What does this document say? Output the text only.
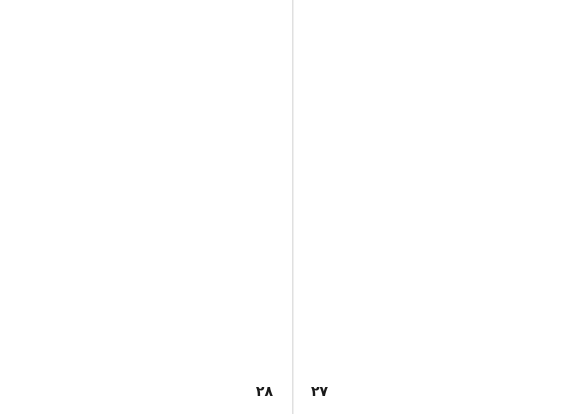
۲۸	۲۷
